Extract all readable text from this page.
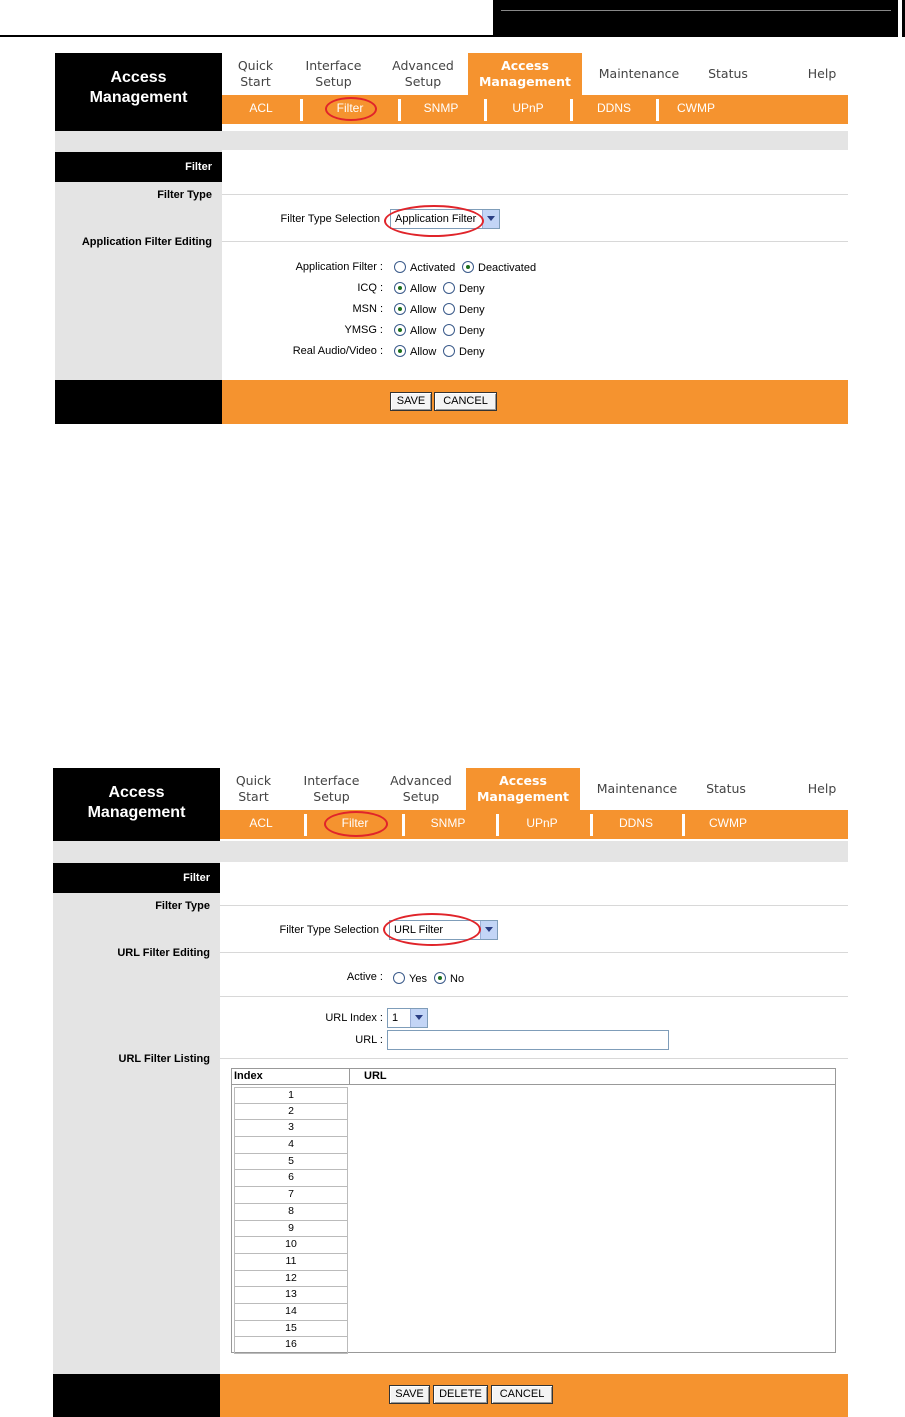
Access
Management
Quick
Start
Interface
Setup
Advanced
Setup
Access
Management
Maintenance	Status	Help
ACL	Filter	SNMP	UPnP	DDNS	CWMP
Filter
Filter Type
Filter Type Selection	Application Filter
Application Filter Editing
Application Filter : Activated Deactivated
ICQ : Allow Deny
MSN : Allow Deny
YMSG : Allow Deny
Real Audio/Video : Allow Deny
SAVE	CANCEL
Access
Management
Quick
Start
Interface
Setup
Advanced
Setup
Access
Management
Maintenance	Status	Help
ACL	Filter	SNMP	UPnP	DDNS	CWMP
Filter
Filter Type
Filter Type Selection	URL Filter
URL Filter Editing
Active : Yes No
URL Index : 1
URL :
URL Filter Listing
Index	URL
1
2
3
4
5
6
7
8
9
10
11
12
13
14
15
16
SAVE	DELETE	CANCEL
